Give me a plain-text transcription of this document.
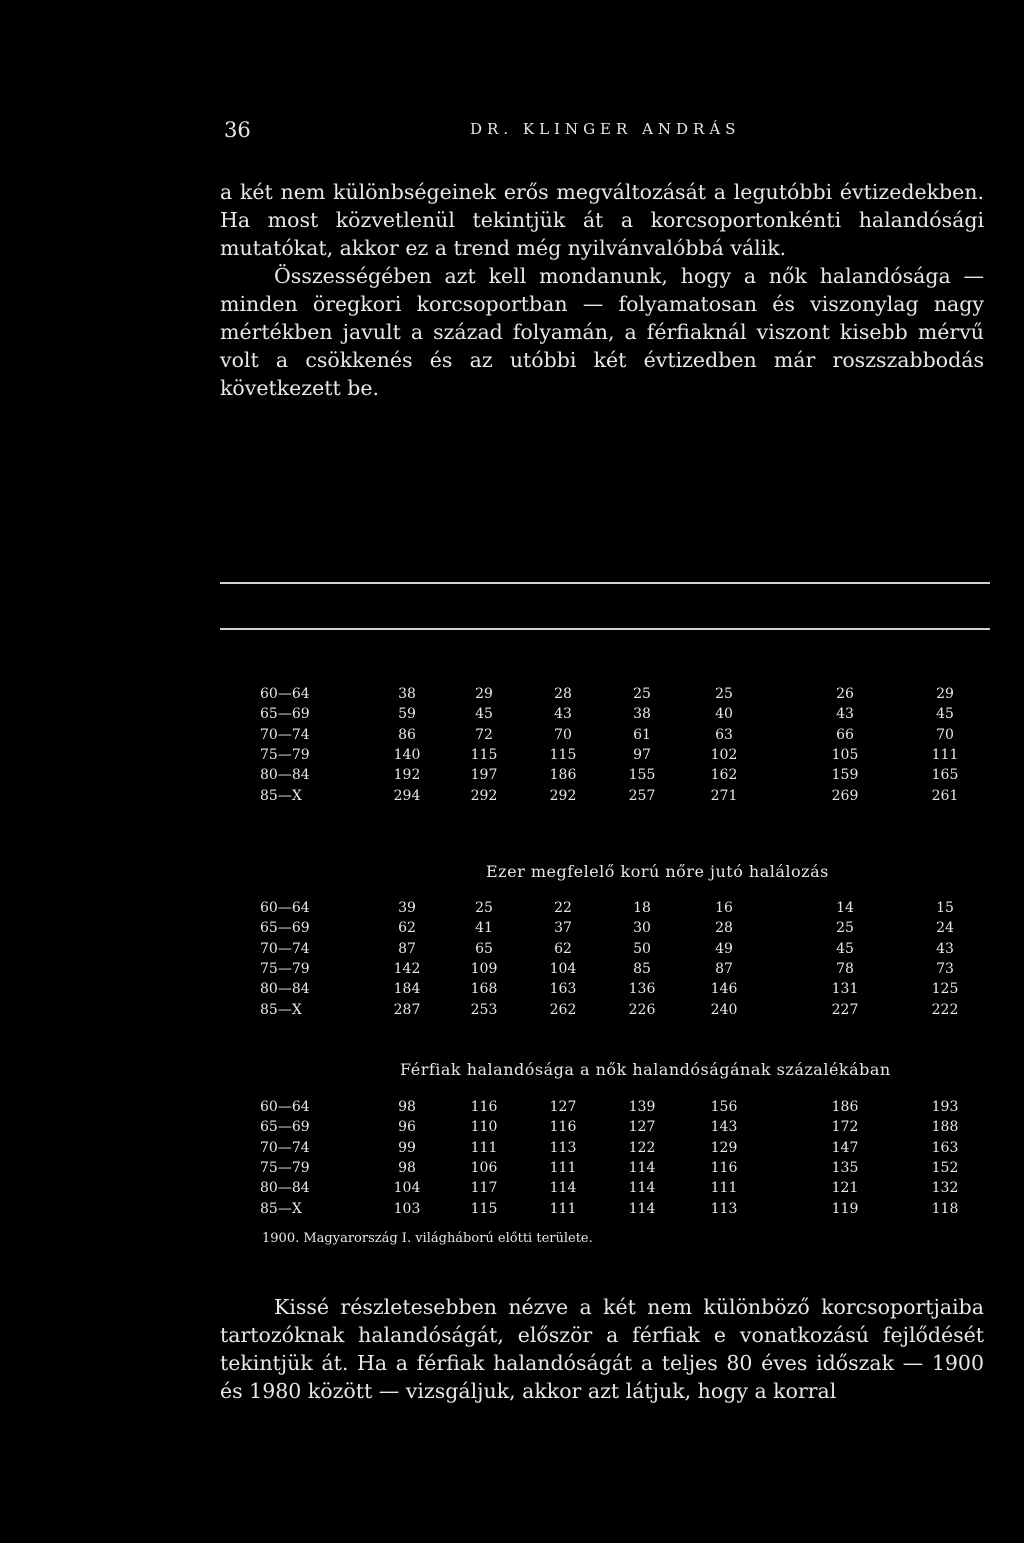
36	DR. KLINGER ANDRÁS

a két nem különbségeinek erős megváltozását a legutóbbi évtizedekben. Ha most közvetlenül tekintjük át a korcsoportonkénti halandósági mutatókat, akkor ez a trend még nyilvánvalóbbá válik.

Összességében azt kell mondanunk, hogy a nők halandósága — minden öregkori korcsoportban — folyamatosan és viszonylag nagy mértékben javult a század folyamán, a férfiaknál viszont kisebb mérvű volt a csökkenés és az utóbbi két évtizedben már roszszabbodás következett be.

60—64	38	29	28	25	25	26	29
65—69	59	45	43	38	40	43	45
70—74	86	72	70	61	63	66	70
75—79	140	115	115	97	102	105	111
80—84	192	197	186	155	162	159	165
85—X	294	292	292	257	271	269	261
Ezer megfelelő korú nőre jutó halálozás
60—64	39	25	22	18	16	14	15
65—69	62	41	37	30	28	25	24
70—74	87	65	62	50	49	45	43
75—79	142	109	104	85	87	78	73
80—84	184	168	163	136	146	131	125
85—X	287	253	262	226	240	227	222
Férfiak halandósága a nők halandóságának százalékában
60—64	98	116	127	139	156	186	193
65—69	96	110	116	127	143	172	188
70—74	99	111	113	122	129	147	163
75—79	98	106	111	114	116	135	152
80—84	104	117	114	114	111	121	132
85—X	103	115	111	114	113	119	118
1900. Magyarország I. világháború előtti területe.

Kissé részletesebben nézve a két nem különböző korcsoportjaiba tartozóknak halandóságát, először a férfiak e vonatkozású fejlődését tekintjük át. Ha a férfiak halandóságát a teljes 80 éves időszak — 1900 és 1980 között — vizsgáljuk, akkor azt látjuk, hogy a korral
